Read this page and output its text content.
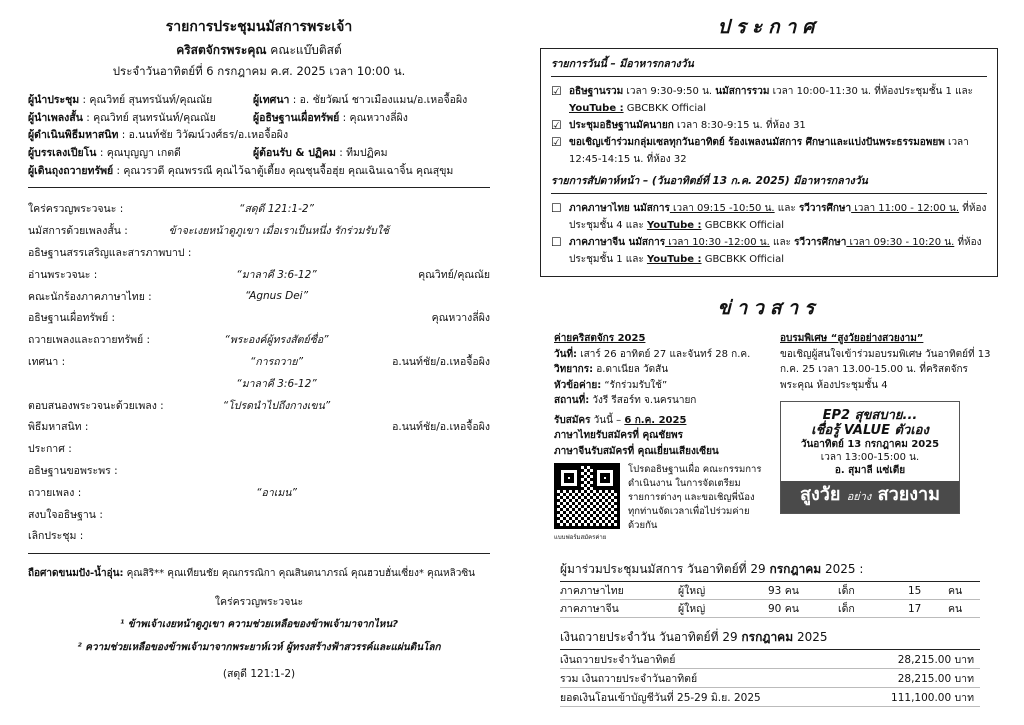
รายการประชุมนมัสการพระเจ้า
คริสตจักรพระคุณ คณะแบ๊บติสต์
ประจำวันอาทิตย์ที่ 6 กรกฎาคม ค.ศ. 2025 เวลา 10:00 น.
ผู้นำประชุม : คุณวิทย์ สุนทรนันท์/คุณณัย	ผู้เทศนา : อ. ชัยวัฒน์ ชาวเมืองแมน/อ.เหอจื้อผิง
ผู้นำเพลงสั้น : คุณวิทย์ สุนทรนันท์/คุณณัย	ผู้อธิษฐานเผื่อทรัพย์ : คุณหวางลี่ผิง
ผู้ดำเนินพิธีมหาสนิท : อ.นนท์ชัย วิวัฒน์วงศ์ธร/อ.เหอจื้อผิง
ผู้บรรเลงเปียโน : คุณบุญญา เกตดี	ผู้ต้อนรับ & ปฏิคม : ทีมปฏิคม
ผู้เดินถุงถวายทรัพย์ : คุณวรวดี คุณพรรณี คุณไว้ฉาตู้เตี้ยง คุณชุนจื้อฮุ่ย คุณเฉินเฉาจิ้น คุณสุขุม
ใคร่ครวญพระวจนะ :	“สดุดี 121:1-2”
นมัสการด้วยเพลงสั้น :	ข้าจะเงยหน้าดูภูเขา เมื่อเราเป็นหนึ่ง รักร่วมรับใช้
อธิษฐานสรรเสริญและสารภาพบาป :
อ่านพระวจนะ :	“มาลาคี 3:6-12”	คุณวิทย์/คุณณัย
คณะนักร้องภาคภาษาไทย :	“Agnus Dei”
อธิษฐานเผื่อทรัพย์ :	คุณหวางลี่ผิง
ถวายเพลงและถวายทรัพย์ :	“พระองค์ผู้ทรงสัตย์ซื่อ”
เทศนา :	“การถวาย”	อ.นนท์ชัย/อ.เหอจื้อผิง
“มาลาคี 3:6-12”
ตอบสนองพระวจนะด้วยเพลง :	“โปรดนำไปถึงกางเขน”
พิธีมหาสนิท :	อ.นนท์ชัย/อ.เหอจื้อผิง
ประกาศ :
อธิษฐานขอพระพร :
ถวายเพลง :	“อาเมน”
สงบใจอธิษฐาน :
เลิกประชุม :
ถือศาดขนมปัง-น้ำอุ่น: คุณสิริ** คุณเทียนชัย คุณกรรณิกา คุณสินตนาภรณ์ คุณฮวบฮั่นเซี่ยง* คุณหลิวซิน
ใคร่ครวญพระวจนะ
¹ ข้าพเจ้าเงยหน้าดูภูเขา ความช่วยเหลือของข้าพเจ้ามาจากไหน?
² ความช่วยเหลือของข้าพเจ้ามาจากพระยาห์เวห์ ผู้ทรงสร้างฟ้าสวรรค์และแผ่นดินโลก
(สดุดี 121:1-2)
ประกาศ
รายการวันนี้ – มีอาหารกลางวัน
☑ อธิษฐานรวม เวลา 9:30-9:50 น. นมัสการรวม เวลา 10:00-11:30 น. ที่ห้องประชุมชั้น 1 และ YouTube : GBCBKK Official
☑ ประชุมอธิษฐานมัคนายก เวลา 8:30-9:15 น. ที่ห้อง 31
☑ ขอเชิญเข้าร่วมกลุ่มเซลทุกวันอาทิตย์ ร้องเพลงนมัสการ ศึกษาและแบ่งปันพระธรรมอพยพ เวลา 12:45-14:15 น. ที่ห้อง 32
รายการสัปดาห์หน้า – (วันอาทิตย์ที่ 13 ก.ค. 2025) มีอาหารกลางวัน
☐ ภาคภาษาไทย นมัสการ เวลา 09:15 -10:50 น. และ รวีวารศึกษา เวลา 11:00 - 12:00 น. ที่ห้องประชุมชั้น 4 และ YouTube : GBCBKK Official
☐ ภาคภาษาจีน นมัสการ เวลา 10:30 -12:00 น. และ รวีวารศึกษา เวลา 09:30 - 10:20 น. ที่ห้องประชุมชั้น 1 และ YouTube : GBCBKK Official
ข่าวสาร
ค่ายคริสตจักร 2025
วันที่: เสาร์ 26 อาทิตย์ 27 และจันทร์ 28 ก.ค.
วิทยากร: อ.ดาเนียล วัดสัน
หัวข้อค่าย: “รักร่วมรับใช้”
สถานที่: วังรี รีสอร์ท จ.นครนายก
รับสมัคร วันนี้ – 6 ก.ค. 2025
ภาษาไทยรับสมัครที่ คุณชัยพร
ภาษาจีนรับสมัครที่ คุณเยี่ยนเสียงเซียน
แบบฟอร์มสมัครค่าย
โปรดอธิษฐานเผื่อ คณะกรรมการดำเนินงาน ในการจัดเตรียมรายการต่างๆ และขอเชิญพี่น้องทุกท่านจัดเวลาเพื่อไปร่วมค่ายด้วยกัน
อบรมพิเศษ “สูงวัยอย่างสวยงาม”
ขอเชิญผู้สนใจเข้าร่วมอบรมพิเศษ วันอาทิตย์ที่ 13 ก.ค. 25 เวลา 13.00-15.00 น. ที่คริสตจักรพระคุณ ห้องประชุมชั้น 4
EP2 สุขสบาย...
เชื่อรู้ VALUE ตัวเอง
วันอาทิตย์ 13 กรกฎาคม 2025
เวลา 13:00-15:00 น.
อ. สุมาลี แซ่เตีย
สูงวัย อย่าง สวยงาม
ผู้มาร่วมประชุมนมัสการ วันอาทิตย์ที่ 29 กรกฎาคม 2025 :
ภาคภาษาไทย	ผู้ใหญ่	93 คน	เด็ก	15	คน
ภาคภาษาจีน	ผู้ใหญ่	90 คน	เด็ก	17	คน
เงินถวายประจำวัน วันอาทิตย์ที่ 29 กรกฎาคม 2025
เงินถวายประจำวันอาทิตย์	28,215.00 บาท
รวม เงินถวายประจำวันอาทิตย์	28,215.00 บาท
ยอดเงินโอนเข้าบัญชีวันที่ 25-29 มิ.ย. 2025	111,100.00 บาท
